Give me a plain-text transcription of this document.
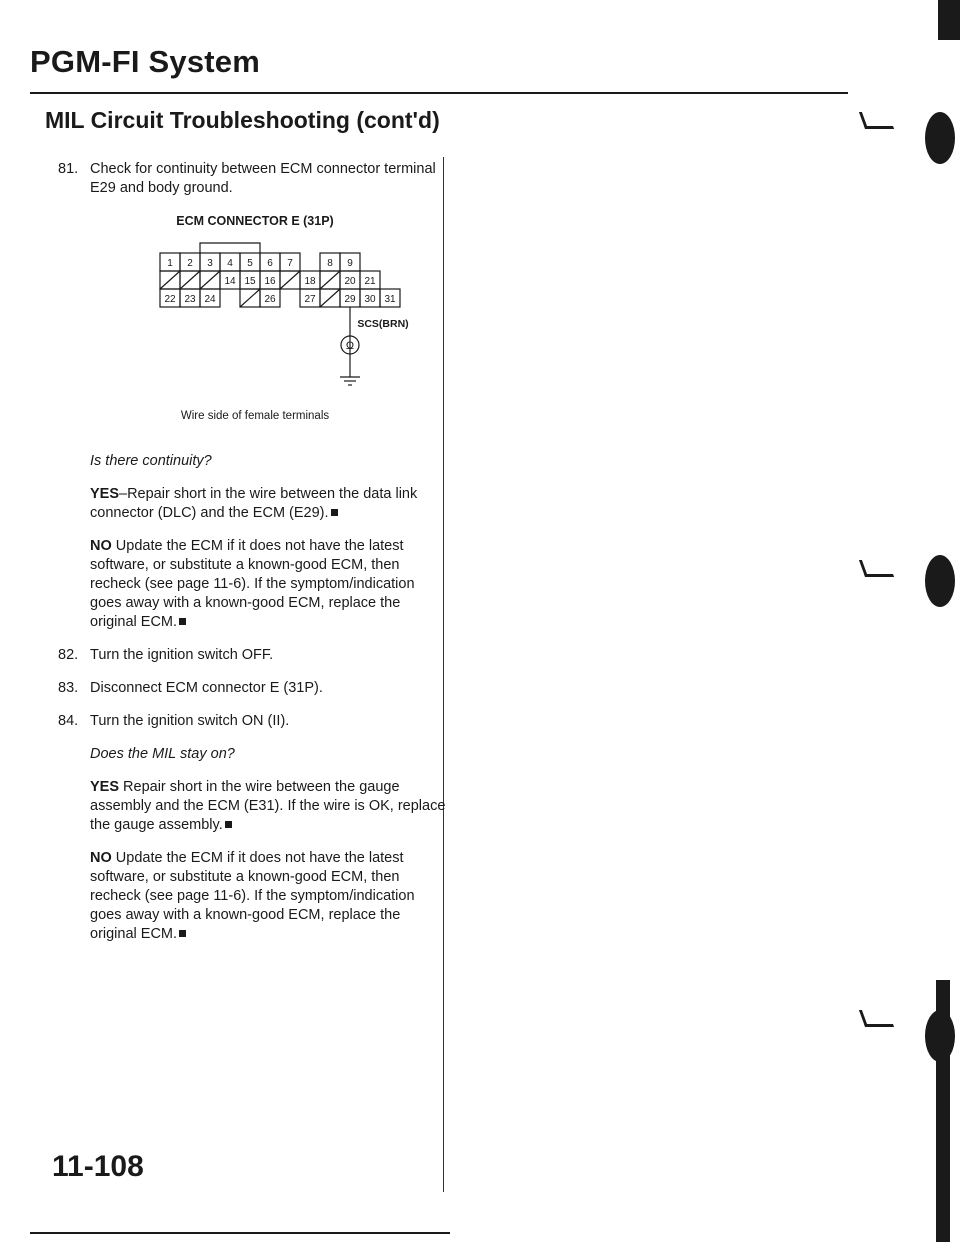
PGM-FI System
MIL Circuit Troubleshooting (cont'd)
81. Check for continuity between ECM connector terminal E29 and body ground.
ECM CONNECTOR E (31P)
1 2 3 4 5 6 7	8 9
14 15 16	18	20 21
22 23 24	26	27	29 30 31
SCS(BRN)
Ω
Wire side of female terminals
Is there continuity?
YES–Repair short in the wire between the data link connector (DLC) and the ECM (E29).
NO Update the ECM if it does not have the latest software, or substitute a known-good ECM, then recheck (see page 11-6). If the symptom/indication goes away with a known-good ECM, replace the original ECM.
82. Turn the ignition switch OFF.
83. Disconnect ECM connector E (31P).
84. Turn the ignition switch ON (II).
Does the MIL stay on?
YES Repair short in the wire between the gauge assembly and the ECM (E31). If the wire is OK, replace the gauge assembly.
NO Update the ECM if it does not have the latest software, or substitute a known-good ECM, then recheck (see page 11-6). If the symptom/indication goes away with a known-good ECM, replace the original ECM.
11-108
